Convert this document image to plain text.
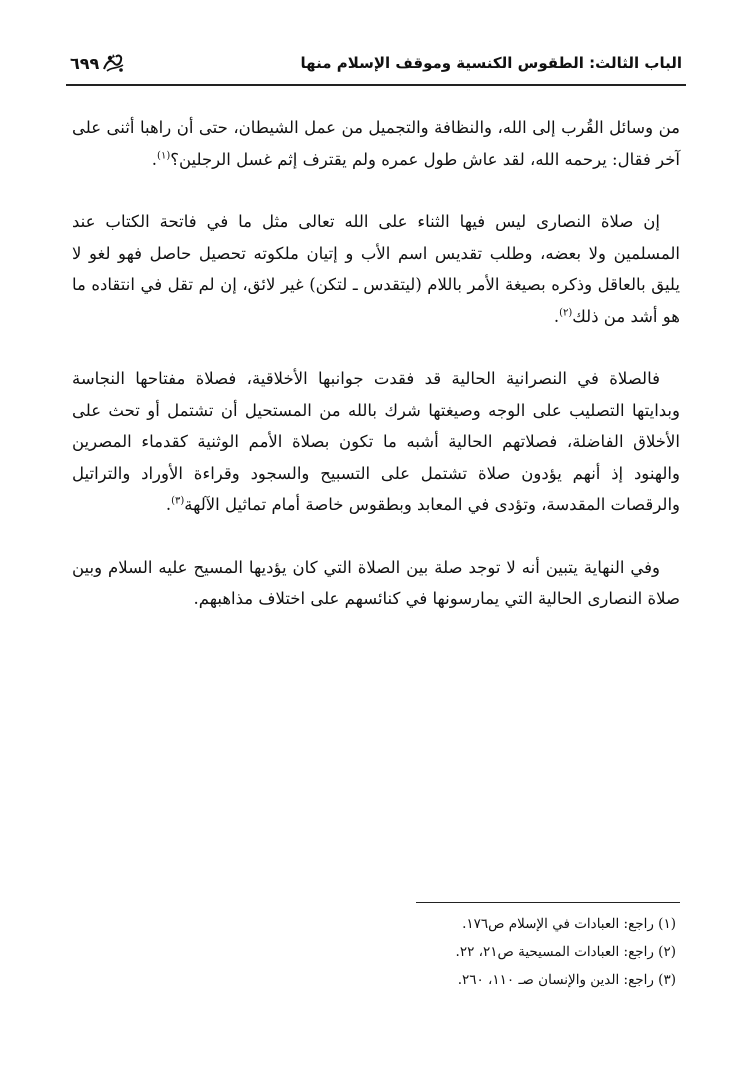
الباب الثالث: الطقوس الكنسية وموقف الإسلام منها
٦٩٩

من وسائل القُرب إلى الله، والنظافة والتجميل من عمل الشيطان، حتى أن راهبا أثنى على آخر فقال: يرحمه الله، لقد عاش طول عمره ولم يقترف إثم غسل الرجلين؟$^{(١)}$.

إن صلاة النصارى ليس فيها الثناء على الله تعالى مثل ما في فاتحة الكتاب عند المسلمين ولا بعضه، وطلب تقديس اسم الأب و إتيان ملكوته تحصيل حاصل فهو لغو لا يليق بالعاقل وذكره بصيغة الأمر باللام (ليتقدس ـ لتكن) غير لائق، إن لم تقل في انتقاده ما هو أشد من ذلك$^{(٢)}$.

فالصلاة في النصرانية الحالية قد فقدت جوانبها الأخلاقية، فصلاة مفتاحها النجاسة وبدايتها التصليب على الوجه وصيغتها شرك بالله من المستحيل أن تشتمل أو تحث على الأخلاق الفاضلة، فصلاتهم الحالية أشبه ما تكون بصلاة الأمم الوثنية كقدماء المصرين والهنود إذ أنهم يؤدون صلاة تشتمل على التسبيح والسجود وقراءة الأوراد والتراتيل والرقصات المقدسة، وتؤدى في المعابد وبطقوس خاصة أمام تماثيل الآلهة$^{(٣)}$.

وفي النهاية يتبين أنه لا توجد صلة بين الصلاة التي كان يؤديها المسيح عليه السلام وبين صلاة النصارى الحالية التي يمارسونها في كنائسهم على اختلاف مذاهبهم.

(١) راجع: العبادات في الإسلام ص١٧٦.
(٢) راجع: العبادات المسيحية ص٢١، ٢٢.
(٣) راجع: الدين والإنسان صـ ١١٠، ٢٦٠.
